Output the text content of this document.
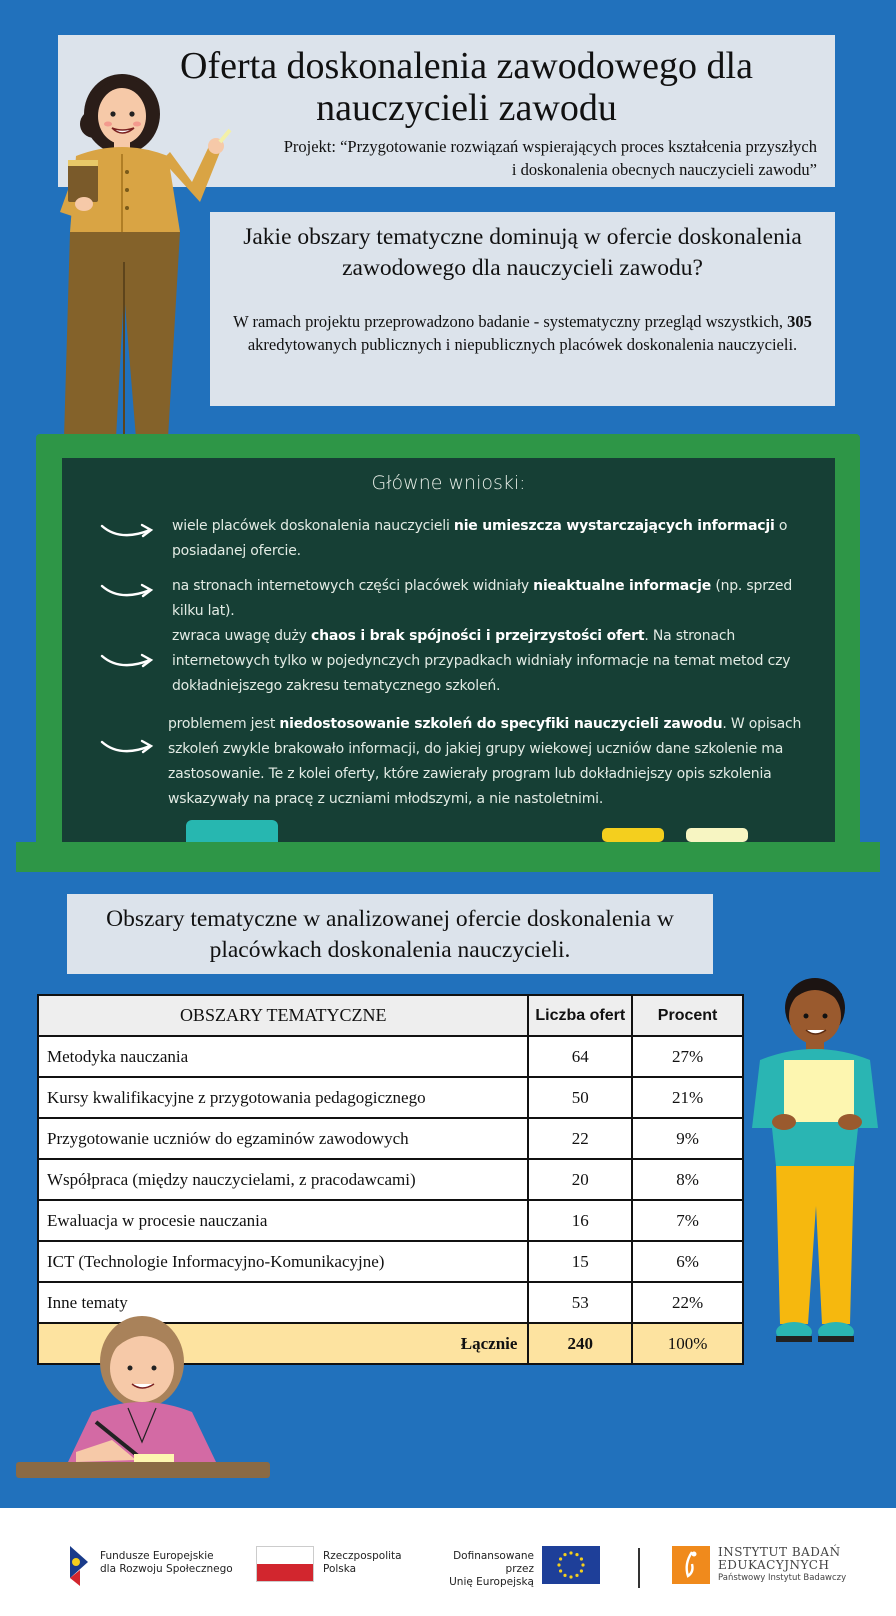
Oferta doskonalenia zawodowego dla nauczycieli zawodu
Projekt: “Przygotowanie rozwiązań wspierających proces kształcenia przyszłych
i doskonalenia obecnych nauczycieli zawodu”
Jakie obszary tematyczne dominują w ofercie doskonalenia zawodowego dla nauczycieli zawodu?
W ramach projektu przeprowadzono badanie - systematyczny przegląd wszystkich, 305 akredytowanych publicznych i niepublicznych placówek doskonalenia nauczycieli.
Główne wnioski:
wiele placówek doskonalenia nauczycieli nie umieszcza wystarczających informacji o posiadanej ofercie.
na stronach internetowych części placówek widniały nieaktualne informacje (np. sprzed kilku lat).
zwraca uwagę duży chaos i brak spójności i przejrzystości ofert. Na stronach internetowych tylko w pojedynczych przypadkach widniały informacje na temat metod czy dokładniejszego zakresu tematycznego szkoleń.
problemem jest niedostosowanie szkoleń do specyfiki nauczycieli zawodu. W opisach szkoleń zwykle brakowało informacji, do jakiej grupy wiekowej uczniów dane szkolenie ma zastosowanie. Te z kolei oferty, które zawierały program lub dokładniejszy opis szkolenia wskazywały na pracę z uczniami młodszymi, a nie nastoletnimi.
Obszary tematyczne w analizowanej ofercie doskonalenia w placówkach doskonalenia nauczycieli.
OBSZARY TEMATYCZNE	Liczba ofert	Procent
Metodyka nauczania	64	27%
Kursy kwalifikacyjne z przygotowania pedagogicznego	50	21%
Przygotowanie uczniów do egzaminów zawodowych	22	9%
Współpraca (między nauczycielami, z pracodawcami)	20	8%
Ewaluacja w procesie nauczania	16	7%
ICT (Technologie Informacyjno-Komunikacyjne)	15	6%
Inne tematy	53	22%
Łącznie	240	100%
Fundusze Europejskie
dla Rozwoju Społecznego
Rzeczpospolita
Polska
Dofinansowane przez
Unię Europejską
INSTYTUT BADAŃ
EDUKACYJNYCH
Państwowy Instytut Badawczy
